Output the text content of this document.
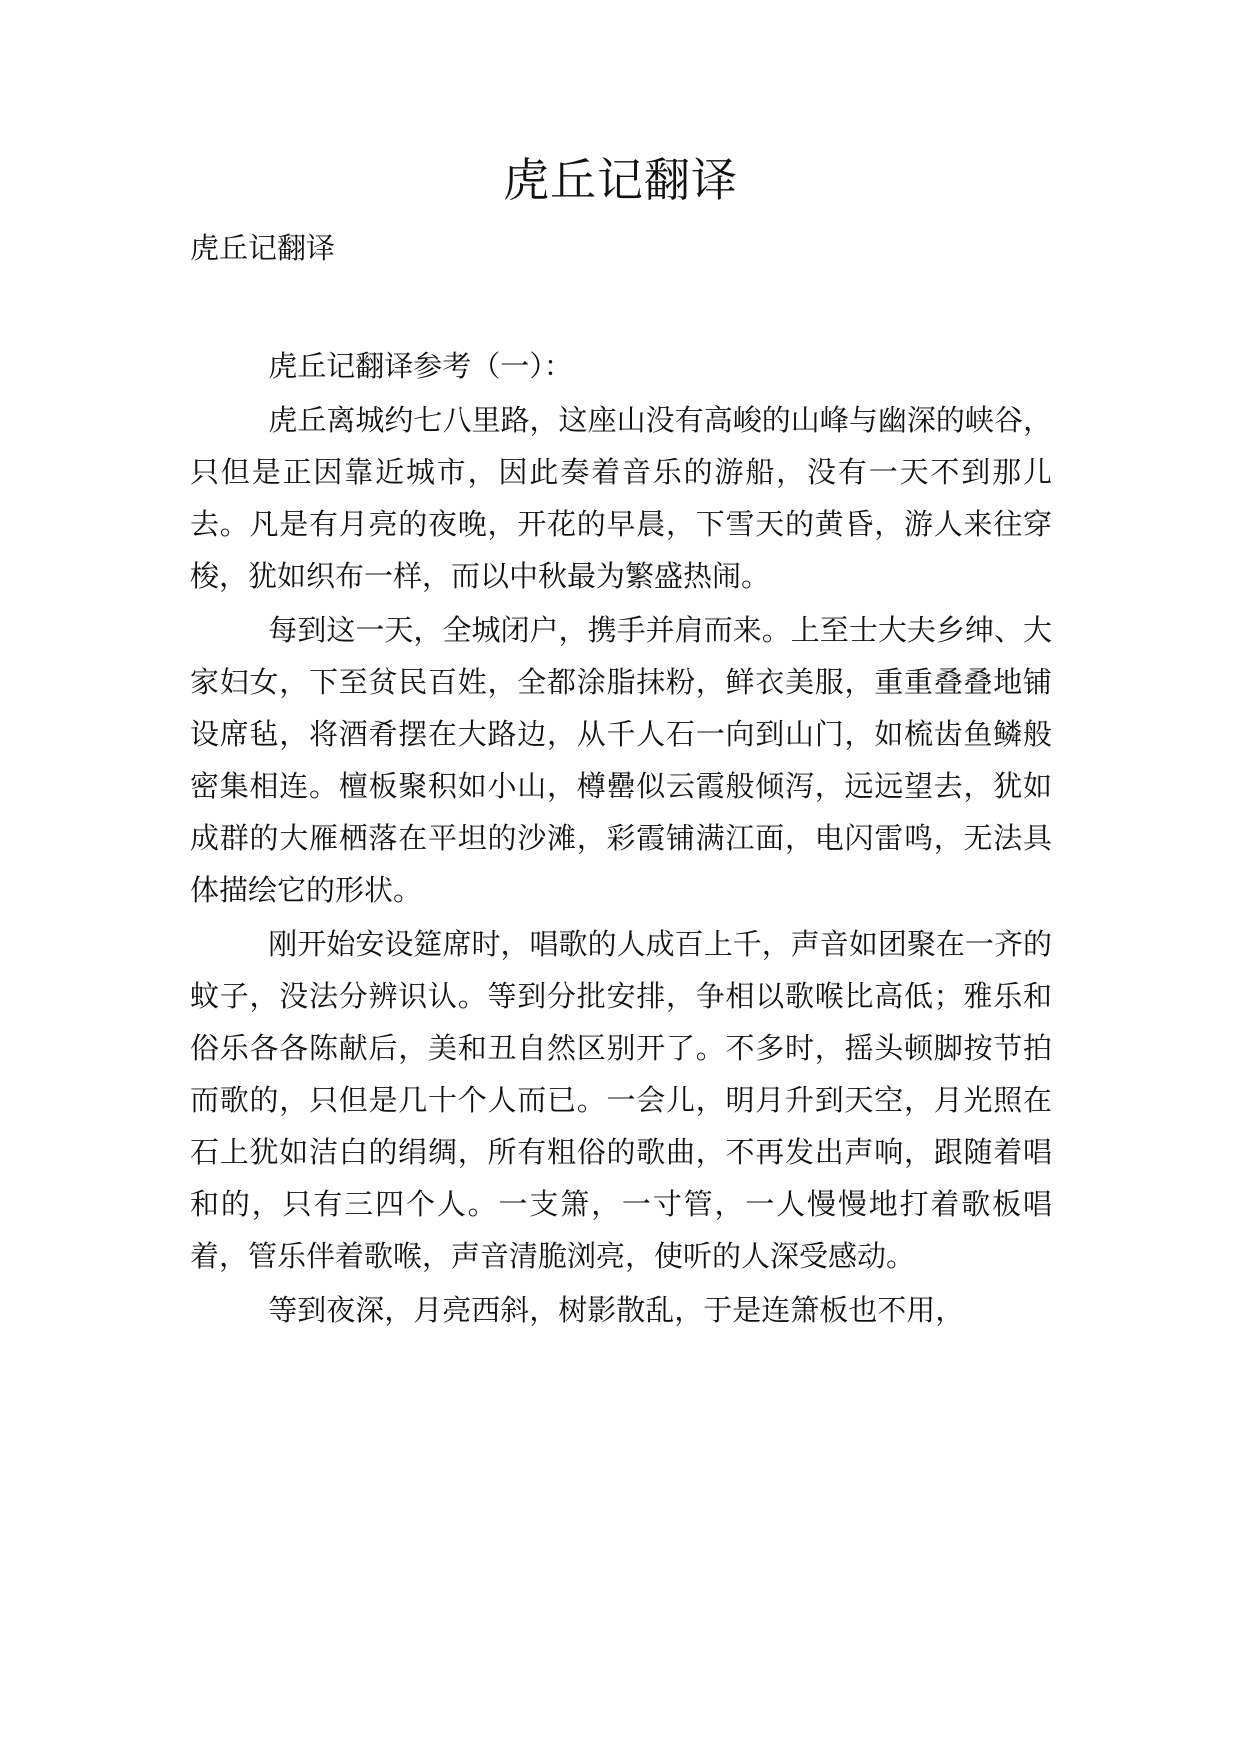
虎丘记翻译
虎丘记翻译

虎丘记翻译参考（一）：

虎丘离城约七八里路，这座山没有高峻的山峰与幽深的峡谷，只但是正因靠近城市，因此奏着音乐的游船，没有一天不到那儿去。凡是有月亮的夜晚，开花的早晨，下雪天的黄昏，游人来往穿梭，犹如织布一样，而以中秋最为繁盛热闹。

每到这一天，全城闭户，携手并肩而来。上至士大夫乡绅、大家妇女，下至贫民百姓，全都涂脂抹粉，鲜衣美服，重重叠叠地铺设席毡，将酒肴摆在大路边，从千人石一向到山门，如梳齿鱼鳞般密集相连。檀板聚积如小山，樽罍似云霞般倾泻，远远望去，犹如成群的大雁栖落在平坦的沙滩，彩霞铺满江面，电闪雷鸣，无法具体描绘它的形状。

刚开始安设筵席时，唱歌的人成百上千，声音如团聚在一齐的蚊子，没法分辨识认。等到分批安排，争相以歌喉比高低；雅乐和俗乐各各陈献后，美和丑自然区别开了。不多时，摇头顿脚按节拍而歌的，只但是几十个人而已。一会儿，明月升到天空，月光照在石上犹如洁白的绢绸，所有粗俗的歌曲，不再发出声响，跟随着唱和的，只有三四个人。一支箫，一寸管，一人慢慢地打着歌板唱着，管乐伴着歌喉，声音清脆浏亮，使听的人深受感动。

等到夜深，月亮西斜，树影散乱，于是连箫板也不用，
